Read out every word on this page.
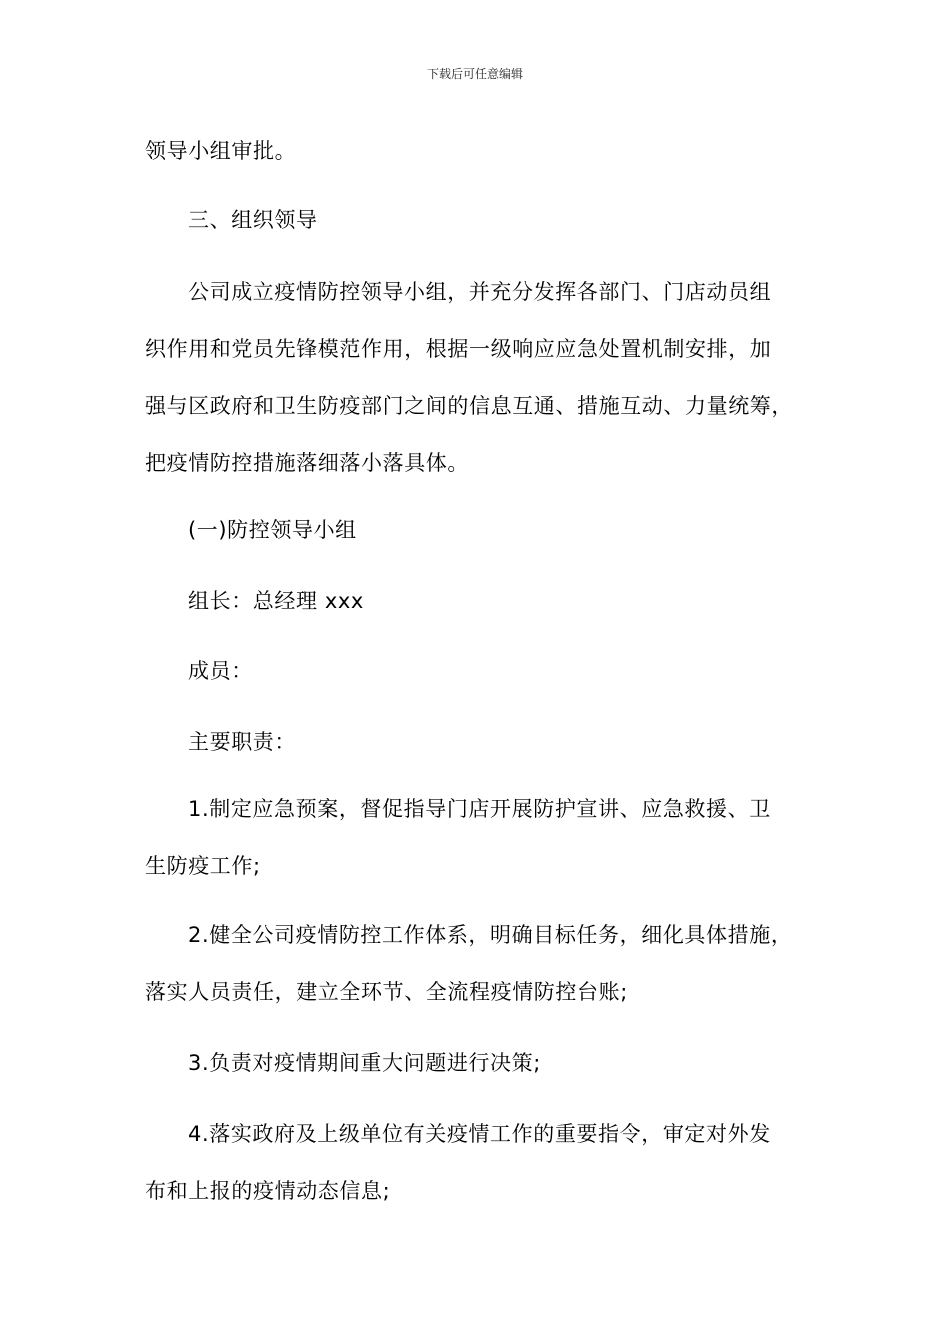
下载后可任意编辑
领导小组审批。
三、组织领导
公司成立疫情防控领导小组，并充分发挥各部门、门店动员组
织作用和党员先锋模范作用，根据一级响应应急处置机制安排，加
强与区政府和卫生防疫部门之间的信息互通、措施互动、力量统筹，
把疫情防控措施落细落小落具体。
(一)防控领导小组
组长：总经理 xxx
成员：
主要职责：
1.制定应急预案，督促指导门店开展防护宣讲、应急救援、卫
生防疫工作;
2.健全公司疫情防控工作体系，明确目标任务，细化具体措施，
落实人员责任，建立全环节、全流程疫情防控台账;
3.负责对疫情期间重大问题进行决策;
4.落实政府及上级单位有关疫情工作的重要指令，审定对外发
布和上报的疫情动态信息;
